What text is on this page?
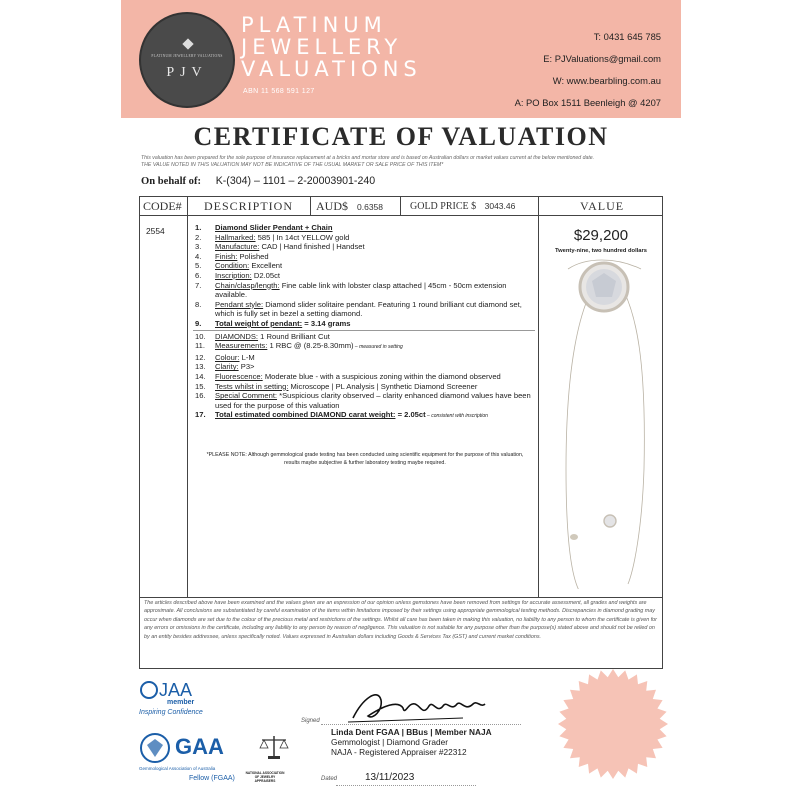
PLATINUM JEWELLERY VALUATIONS
PJV
PLATINUM
JEWELLERY
VALUATIONS
ABN 11 568 591 127
T: 0431 645 785
E: PJValuations@gmail.com
W: www.bearbling.com.au
A: PO Box 1511 Beenleigh @ 4207
CERTIFICATE OF VALUATION
This valuation has been prepared for the sole purpose of insurance replacement at a bricks and mortar store and is based on Australian dollars or market values current at the below mentioned date.
THE VALUE NOTED IN THIS VALUATION MAY NOT BE INDICATIVE OF THE USUAL MARKET OR SALE PRICE OF THIS ITEM*
On behalf of: K-(304) – 1101 – 2-20003901-240
CODE# DESCRIPTION AUD$ 0.6358	GOLD PRICE $ 3043.46	VALUE
2554	1.	Diamond Slider Pendant + Chain
2.	Hallmarked: 585 | In 14ct YELLOW gold
3.	Manufacture: CAD | Hand finished | Handset
4.	Finish: Polished
5.	Condition: Excellent
6.	Inscription: D2.05ct
7.	Chain/clasp/length: Fine cable link with lobster clasp attached | 45cm - 50cm extension available.
8.	Pendant style: Diamond slider solitaire pendant. Featuring 1 round brilliant cut diamond set, which is fully set in bezel a setting diamond.
9.	Total weight of pendant: = 3.14 grams
10.	DIAMONDS: 1 Round Brilliant Cut
11.	Measurements: 1 RBC @ (8.25-8.30mm) – measured in setting
12.	Colour: L-M
13.	Clarity: P3>
14.	Fluorescence: Moderate blue - with a suspicious zoning within the diamond observed
15.	Tests whilst in setting: Microscope | PL Analysis | Synthetic Diamond Screener
16.	Special Comment: *Suspicious clarity observed – clarity enhanced diamond values have been used for the purpose of this valuation
17.	Total estimated combined DIAMOND carat weight: = 2.05ct – consistent with inscription
*PLEASE NOTE: Although gemmological grade testing has been conducted using scientific equipment for the purpose of this valuation, results maybe subjective & further laboratory testing maybe required.
$29,200
Twenty-nine, two hundred dollars
The articles described above have been examined and the values given are an expression of our opinion unless gemstones have been removed from settings for accurate assessment, all grades and weights are approximate. All conclusions are substantiated by careful examination of the items within limitations imposed by their settings using appropriate gemmological testing methods. Discrepancies in diamond grading may occur when diamonds are set due to the colour of the precious metal and restrictions of the settings. Whilst all care has been taken in making this valuation, no liability to any person to whom the certificate is given for any errors or omissions in the certificate, including any liability to any person by reason of negligence. This valuation is not suitable for any purpose other than the purpose(s) stated above and should not be relied on by an entity besides addressee, unless specifically noted. Values expressed in Australian dollars including Goods & Services Tax (GST) and current market conditions.
JAA
member
Inspiring Confidence
GAA
Gemmological Association of Australia
Fellow (FGAA)
NATIONAL ASSOCIATION OF JEWELRY APPRAISERS
Signed
Linda Dent FGAA | BBus | Member NAJA
Gemmologist | Diamond Grader
NAJA - Registered Appraiser #22312
Dated	13/11/2023
